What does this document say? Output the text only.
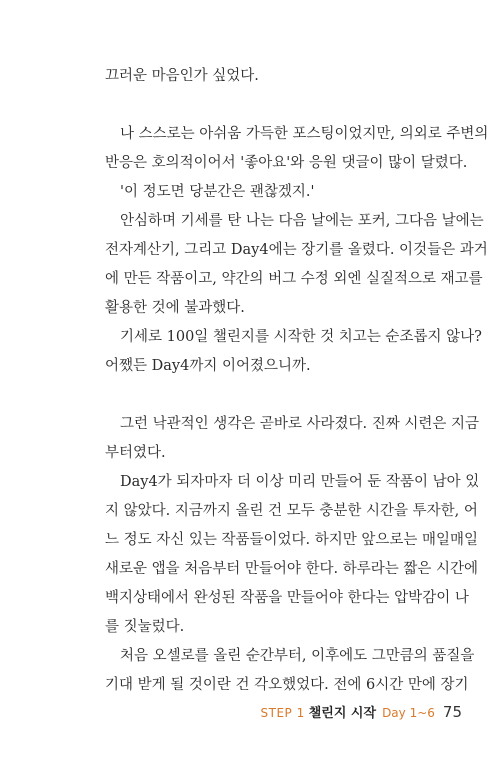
끄러운 마음인가 싶었다.
나 스스로는 아쉬움 가득한 포스팅이었지만, 의외로 주변의
반응은 호의적이어서 '좋아요'와 응원 댓글이 많이 달렸다.
'이 정도면 당분간은 괜찮겠지.'
안심하며 기세를 탄 나는 다음 날에는 포커, 그다음 날에는
전자계산기, 그리고 Day4에는 장기를 올렸다. 이것들은 과거
에 만든 작품이고, 약간의 버그 수정 외엔 실질적으로 재고를
활용한 것에 불과했다.
기세로 100일 챌린지를 시작한 것 치고는 순조롭지 않나?
어쨌든 Day4까지 이어졌으니까.
그런 낙관적인 생각은 곧바로 사라졌다. 진짜 시련은 지금
부터였다.
Day4가 되자마자 더 이상 미리 만들어 둔 작품이 남아 있
지 않았다. 지금까지 올린 건 모두 충분한 시간을 투자한, 어
느 정도 자신 있는 작품들이었다. 하지만 앞으로는 매일매일
새로운 앱을 처음부터 만들어야 한다. 하루라는 짧은 시간에
백지상태에서 완성된 작품을 만들어야 한다는 압박감이 나
를 짓눌렀다.
처음 오셀로를 올린 순간부터, 이후에도 그만큼의 품질을
기대 받게 될 것이란 건 각오했었다. 전에 6시간 만에 장기
STEP 1 챌린지 시작 Day 1~6 75
